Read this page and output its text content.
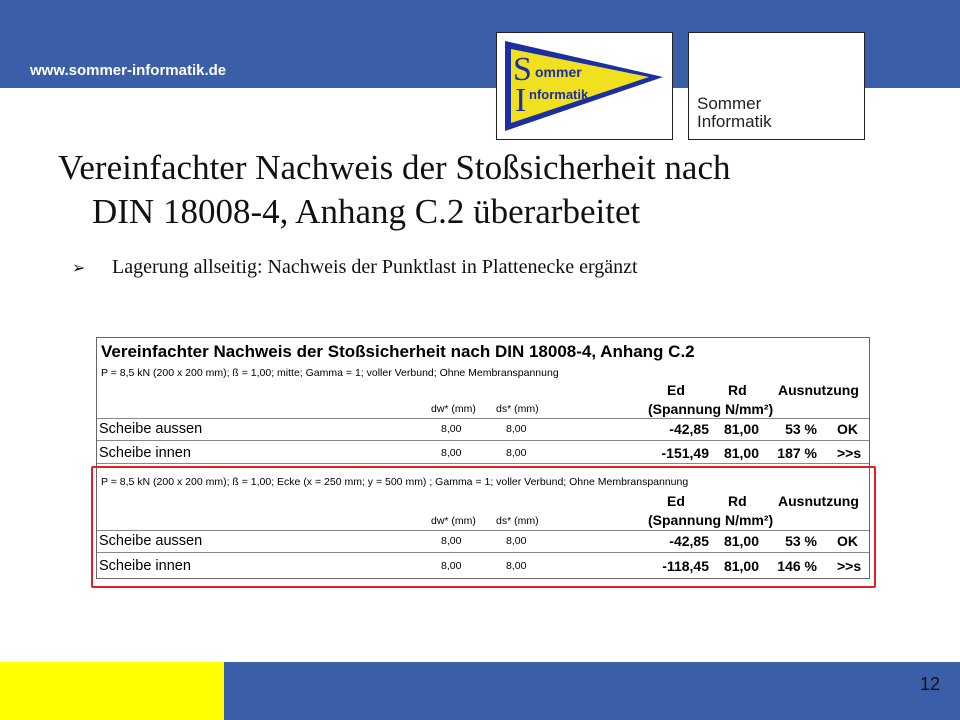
www.sommer-informatik.de	S ommer
I nformatik	Sommer
Informatik
Vereinfachter Nachweis der Stoßsicherheit nach
DIN 18008-4, Anhang C.2 überarbeitet
➢ Lagerung allseitig: Nachweis der Punktlast in Plattenecke ergänzt
Vereinfachter Nachweis der Stoßsicherheit nach DIN 18008-4, Anhang C.2
P = 8,5 kN (200 x 200 mm); ß = 1,00; mitte; Gamma = 1; voller Verbund; Ohne Membranspannung
Ed	Rd Ausnutzung
dw* (mm) ds* (mm)	(Spannung N/mm²)
Scheibe aussen	8,00	8,00	-42,85 81,00 53 % OK
Scheibe innen	8,00	8,00	-151,49 81,00 187 % >>s
P = 8,5 kN (200 x 200 mm); ß = 1,00; Ecke (x = 250 mm; y = 500 mm) ; Gamma = 1; voller Verbund; Ohne Membranspannung
Ed	Rd Ausnutzung
dw* (mm) ds* (mm)	(Spannung N/mm²)
Scheibe aussen	8,00	8,00	-42,85 81,00 53 % OK
Scheibe innen	8,00	8,00	-118,45 81,00 146 % >>s
12
